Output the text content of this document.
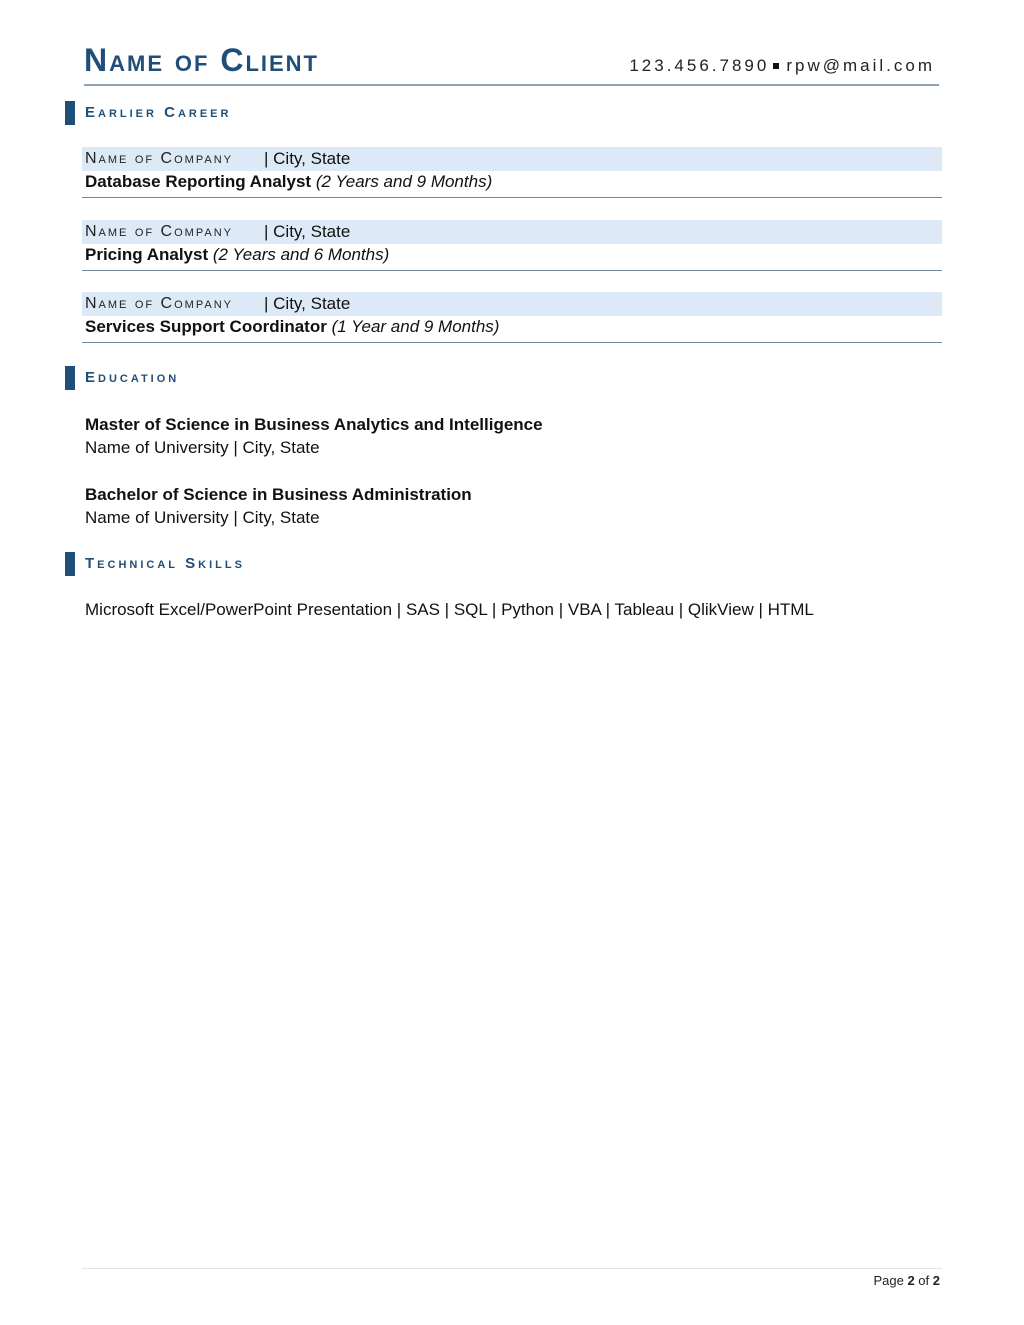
Name of Client	123.456.7890 rpw@mail.com
Earlier Career
Name of Company | City, State
Database Reporting Analyst (2 Years and 9 Months)
Name of Company | City, State
Pricing Analyst (2 Years and 6 Months)
Name of Company | City, State
Services Support Coordinator (1 Year and 9 Months)
Education
Master of Science in Business Analytics and Intelligence
Name of University | City, State
Bachelor of Science in Business Administration
Name of University | City, State
Technical Skills
Microsoft Excel/PowerPoint Presentation | SAS | SQL | Python | VBA | Tableau | QlikView | HTML
Page 2 of 2
